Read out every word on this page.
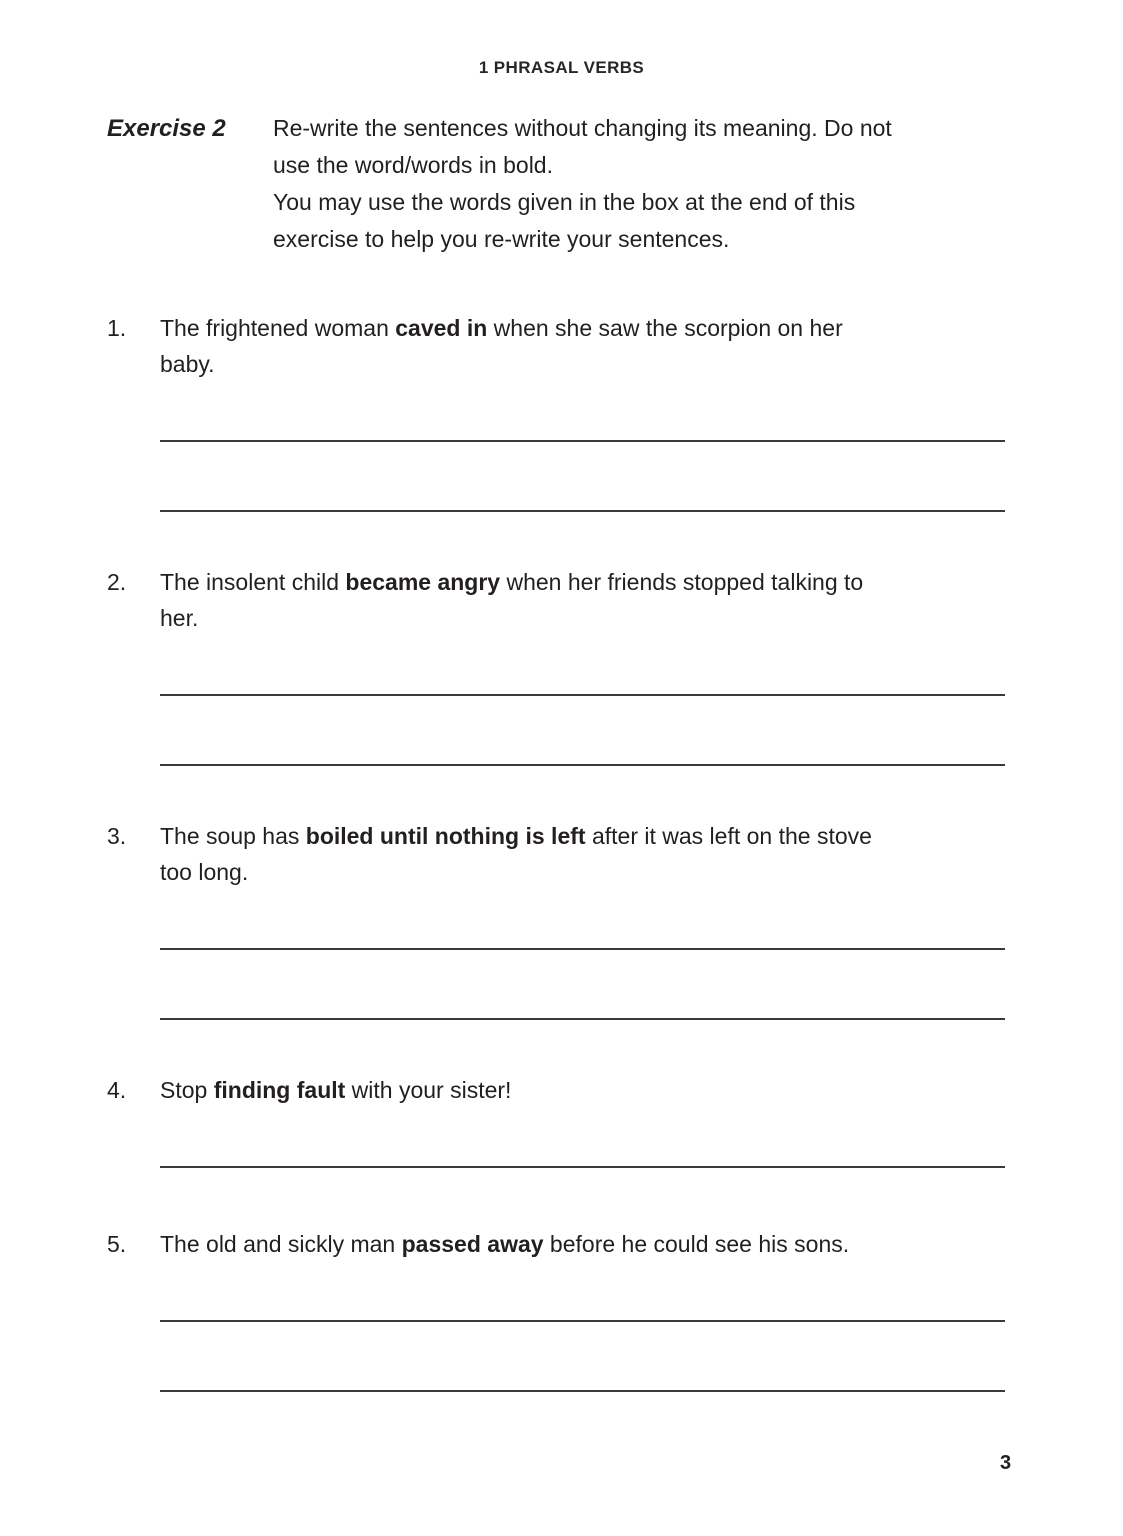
1 PHRASAL VERBS
Exercise 2	Re-write the sentences without changing its meaning. Do not
use the word/words in bold.
You may use the words given in the box at the end of this
exercise to help you re-write your sentences.
1.	The frightened woman caved in when she saw the scorpion on her
baby.
2.	The insolent child became angry when her friends stopped talking to
her.
3.	The soup has boiled until nothing is left after it was left on the stove
too long.
4.	Stop finding fault with your sister!
5.	The old and sickly man passed away before he could see his sons.
3
